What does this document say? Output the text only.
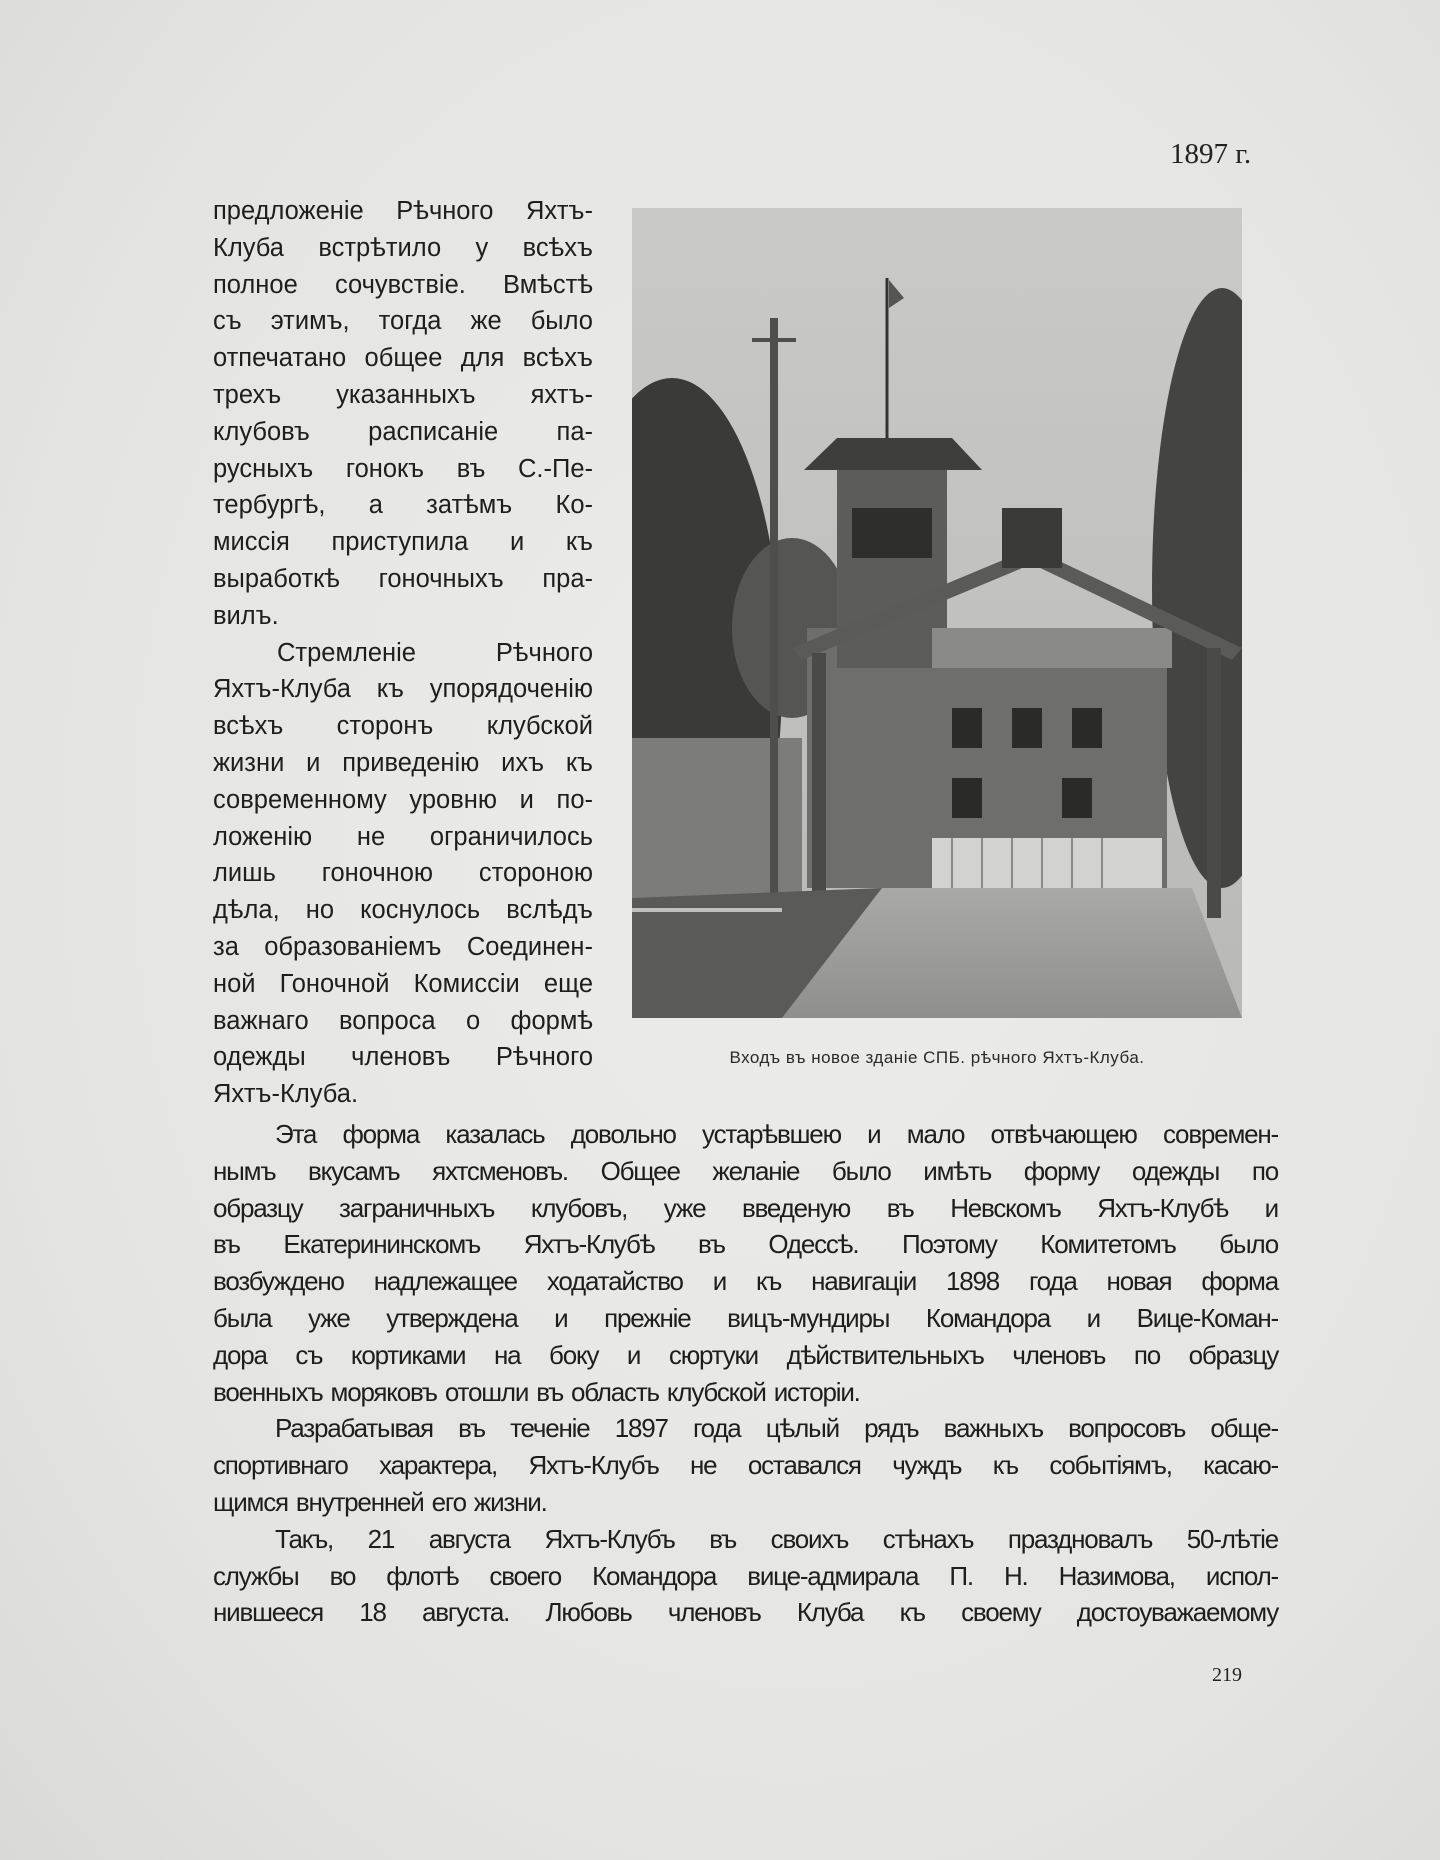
1897 г.
предложеніе Рѣчного Яхтъ-
Клуба встрѣтило у всѣхъ
полное сочувствіе. Вмѣстѣ
съ этимъ, тогда же было
отпечатано общее для всѣхъ
трехъ указанныхъ яхтъ-
клубовъ расписаніе па-
русныхъ гонокъ въ С.-Пе-
тербургѣ, а затѣмъ Ко-
миссія приступила и къ
выработкѣ гоночныхъ пра-
вилъ.
Стремленіе Рѣчного
Яхтъ-Клуба къ упорядоченію
всѣхъ сторонъ клубской
жизни и приведенію ихъ къ
современному уровню и по-
ложенію не ограничилось
лишь гоночною стороною
дѣла, но коснулось вслѣдъ
за образованіемъ Соединен-
ной Гоночной Комиссіи еще
важнаго вопроса о формѣ
одежды членовъ Рѣчного
Яхтъ-Клуба.
Входъ въ новое зданіе СПБ. рѣчного Яхтъ-Клуба.
Эта форма казалась довольно устарѣвшею и мало отвѣчающею современ-
нымъ вкусамъ яхтсменовъ. Общее желаніе было имѣть форму одежды по
образцу заграничныхъ клубовъ, уже введеную въ Невскомъ Яхтъ-Клубѣ и
въ Екатерининскомъ Яхтъ-Клубѣ въ Одессѣ. Поэтому Комитетомъ было
возбуждено надлежащее ходатайство и къ навигаціи 1898 года новая форма
была уже утверждена и прежніе вицъ-мундиры Командора и Вице-Коман-
дора съ кортиками на боку и сюртуки дѣйствительныхъ членовъ по образцу
военныхъ моряковъ отошли въ область клубской исторіи.
Разрабатывая въ теченіе 1897 года цѣлый рядъ важныхъ вопросовъ обще-
спортивнаго характера, Яхтъ-Клубъ не оставался чуждъ къ событіямъ, касаю-
щимся внутренней его жизни.
Такъ, 21 августа Яхтъ-Клубъ въ своихъ стѣнахъ праздновалъ 50-лѣтіе
службы во флотѣ своего Командора вице-адмирала П. Н. Назимова, испол-
нившееся 18 августа. Любовь членовъ Клуба къ своему достоуважаемому
219
